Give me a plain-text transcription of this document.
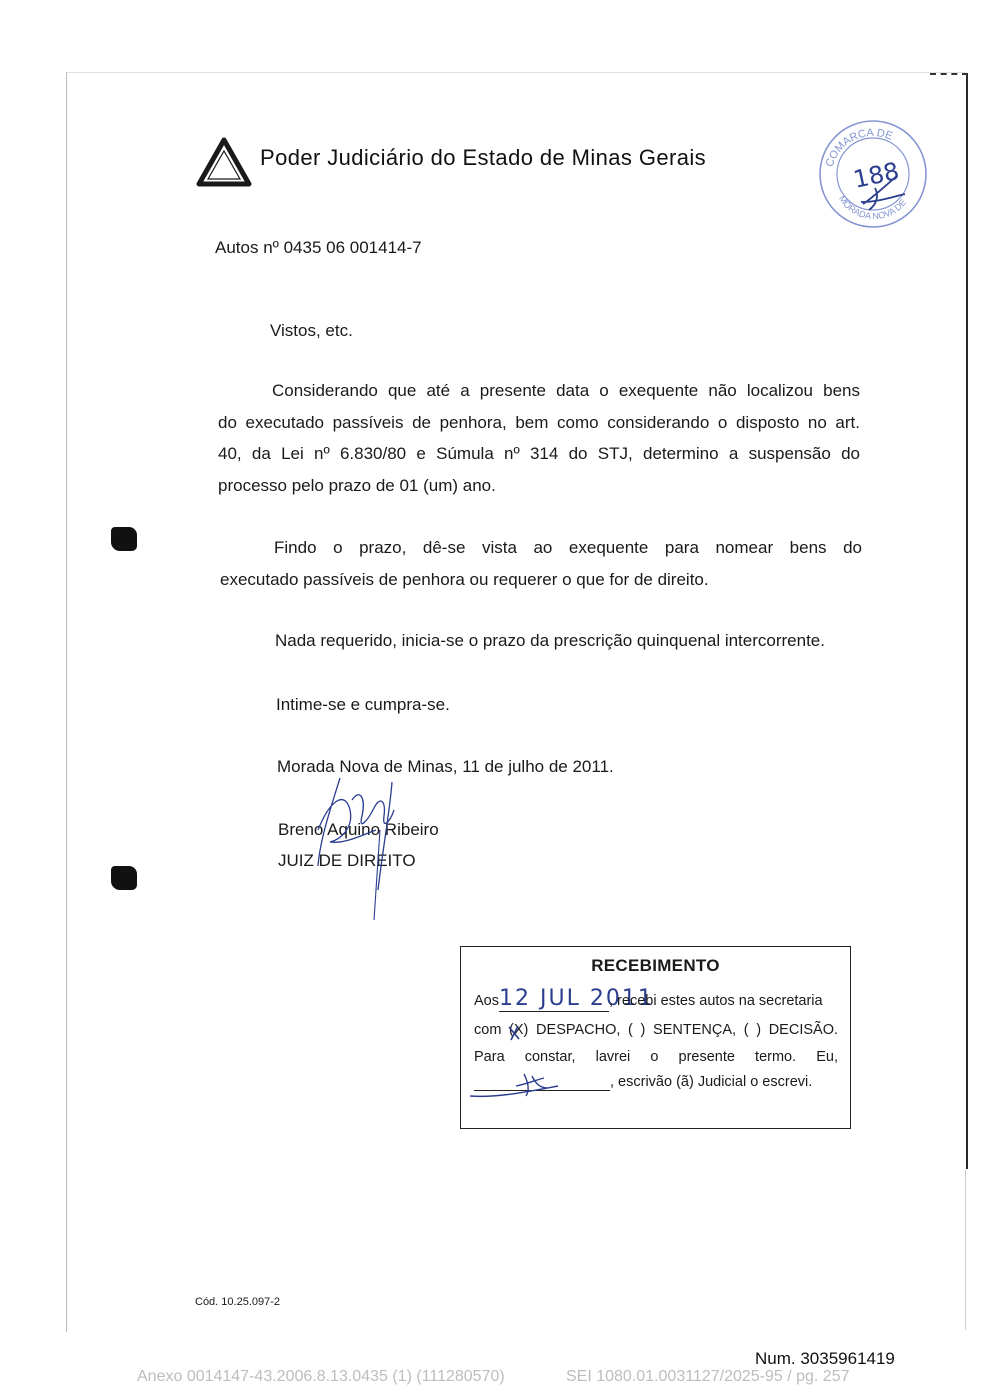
Poder Judiciário do Estado de Minas Gerais	COMARCA DE
MORADA NOVA DE
188
Autos nº 0435 06 001414-7
Vistos, etc.
Considerando que até a presente data o exequente não localizou bens
do executado passíveis de penhora, bem como considerando o disposto no art.
40, da Lei nº 6.830/80 e Súmula nº 314 do STJ, determino a suspensão do
processo pelo prazo de 01 (um) ano.
Findo o prazo, dê-se vista ao exequente para nomear bens do
executado passíveis de penhora ou requerer o que for de direito.
Nada requerido, inicia-se o prazo da prescrição quinquenal intercorrente.
Intime-se e cumpra-se.
Morada Nova de Minas, 11 de julho de 2011.
Breno Aquino Ribeiro
JUIZ DE DIREITO
RECEBIMENTO
Aos12 JUL 2011, recebi estes autos na secretaria
com (X) DESPACHO, ( ) SENTENÇA, ( ) DECISÃO.
Para constar, lavrei o presente termo. Eu,
, escrivão (ã) Judicial o escrevi.
Cód. 10.25.097-2
Num. 3035961419
Anexo 0014147-43.2006.8.13.0435 (1) (111280570)	SEI 1080.01.0031127/2025-95 / pg. 257
